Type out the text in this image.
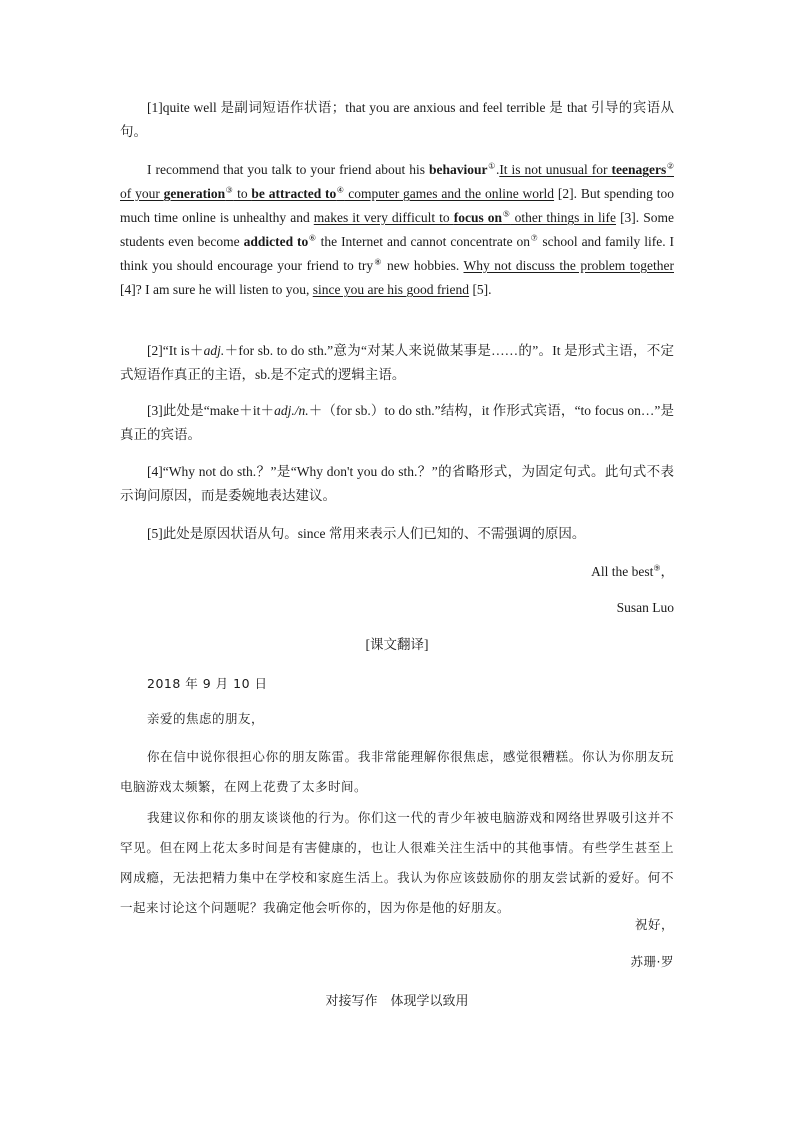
[1]quite well 是副词短语作状语；that you are anxious and feel terrible 是 that 引导的宾语从句。

I recommend that you talk to your friend about his behaviour①.It is not unusual for teenagers② of your generation③ to be attracted to④ computer games and the online world [2]. But spending too much time online is unhealthy and makes it very difficult to focus on⑤ other things in life [3]. Some students even become addicted to⑥ the Internet and cannot concentrate on⑦ school and family life. I think you should encourage your friend to try⑧ new hobbies. Why not discuss the problem together [4]? I am sure he will listen to you, since you are his good friend [5].

[2]“It is＋adj.＋for sb. to do sth.”意为“对某人来说做某事是……的”。It 是形式主语，不定式短语作真正的主语，sb.是不定式的逻辑主语。

[3]此处是“make＋it＋adj./n.＋（for sb.）to do sth.”结构，it 作形式宾语，“to focus on…”是真正的宾语。

[4]“Why not do sth.？”是“Why don't you do sth.？”的省略形式，为固定句式。此句式不表示询问原因，而是委婉地表达建议。

[5]此处是原因状语从句。since 常用来表示人们已知的、不需强调的原因。

All the best⑨，

Susan Luo

[课文翻译]

2018 年 9 月 10 日

亲爱的焦虑的朋友，

你在信中说你很担心你的朋友陈雷。我非常能理解你很焦虑，感觉很糟糕。你认为你朋友玩电脑游戏太频繁，在网上花费了太多时间。

我建议你和你的朋友谈谈他的行为。你们这一代的青少年被电脑游戏和网络世界吸引这并不罕见。但在网上花太多时间是有害健康的，也让人很难关注生活中的其他事情。有些学生甚至上网成瘾，无法把精力集中在学校和家庭生活上。我认为你应该鼓励你的朋友尝试新的爱好。何不一起来讨论这个问题呢？我确定他会听你的，因为你是他的好朋友。

祝好，

苏珊·罗

对接写作　体现学以致用
